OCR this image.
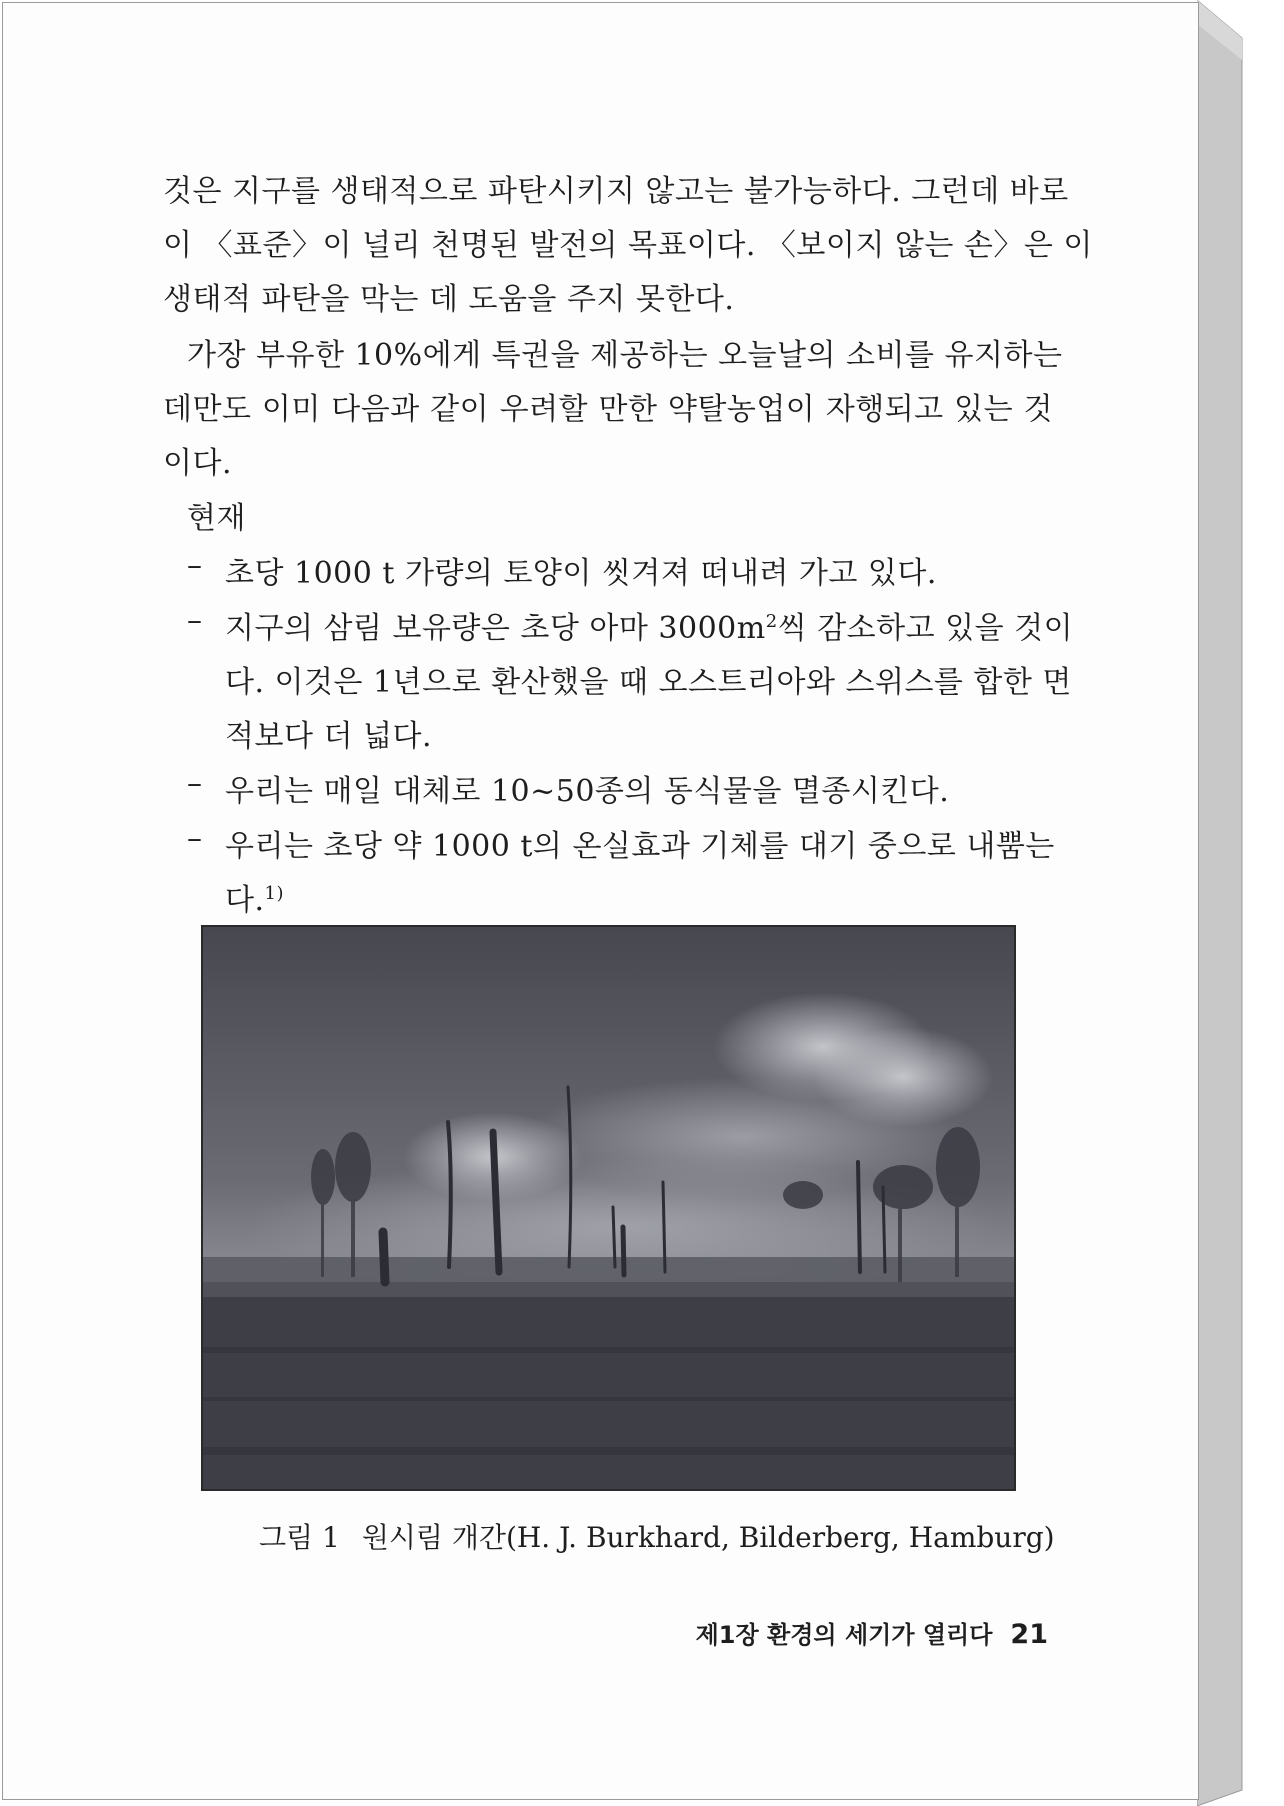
것은 지구를 생태적으로 파탄시키지 않고는 불가능하다. 그런데 바로
이 〈표준〉이 널리 천명된 발전의 목표이다. 〈보이지 않는 손〉은 이
생태적 파탄을 막는 데 도움을 주지 못한다.
가장 부유한 10%에게 특권을 제공하는 오늘날의 소비를 유지하는
데만도 이미 다음과 같이 우려할 만한 약탈농업이 자행되고 있는 것
이다.
현재
– 초당 1000 t 가량의 토양이 씻겨져 떠내려 가고 있다.
– 지구의 삼림 보유량은 초당 아마 $3000m^2$씩 감소하고 있을 것이
다. 이것은 1년으로 환산했을 때 오스트리아와 스위스를 합한 면
적보다 더 넓다.
– 우리는 매일 대체로 10~50종의 동식물을 멸종시킨다.
– 우리는 초당 약 1000 t의 온실효과 기체를 대기 중으로 내뿜는
다.$^{1)}$
그림 1 원시림 개간(H. J. Burkhard, Bilderberg, Hamburg)
제1장 환경의 세기가 열리다 21
